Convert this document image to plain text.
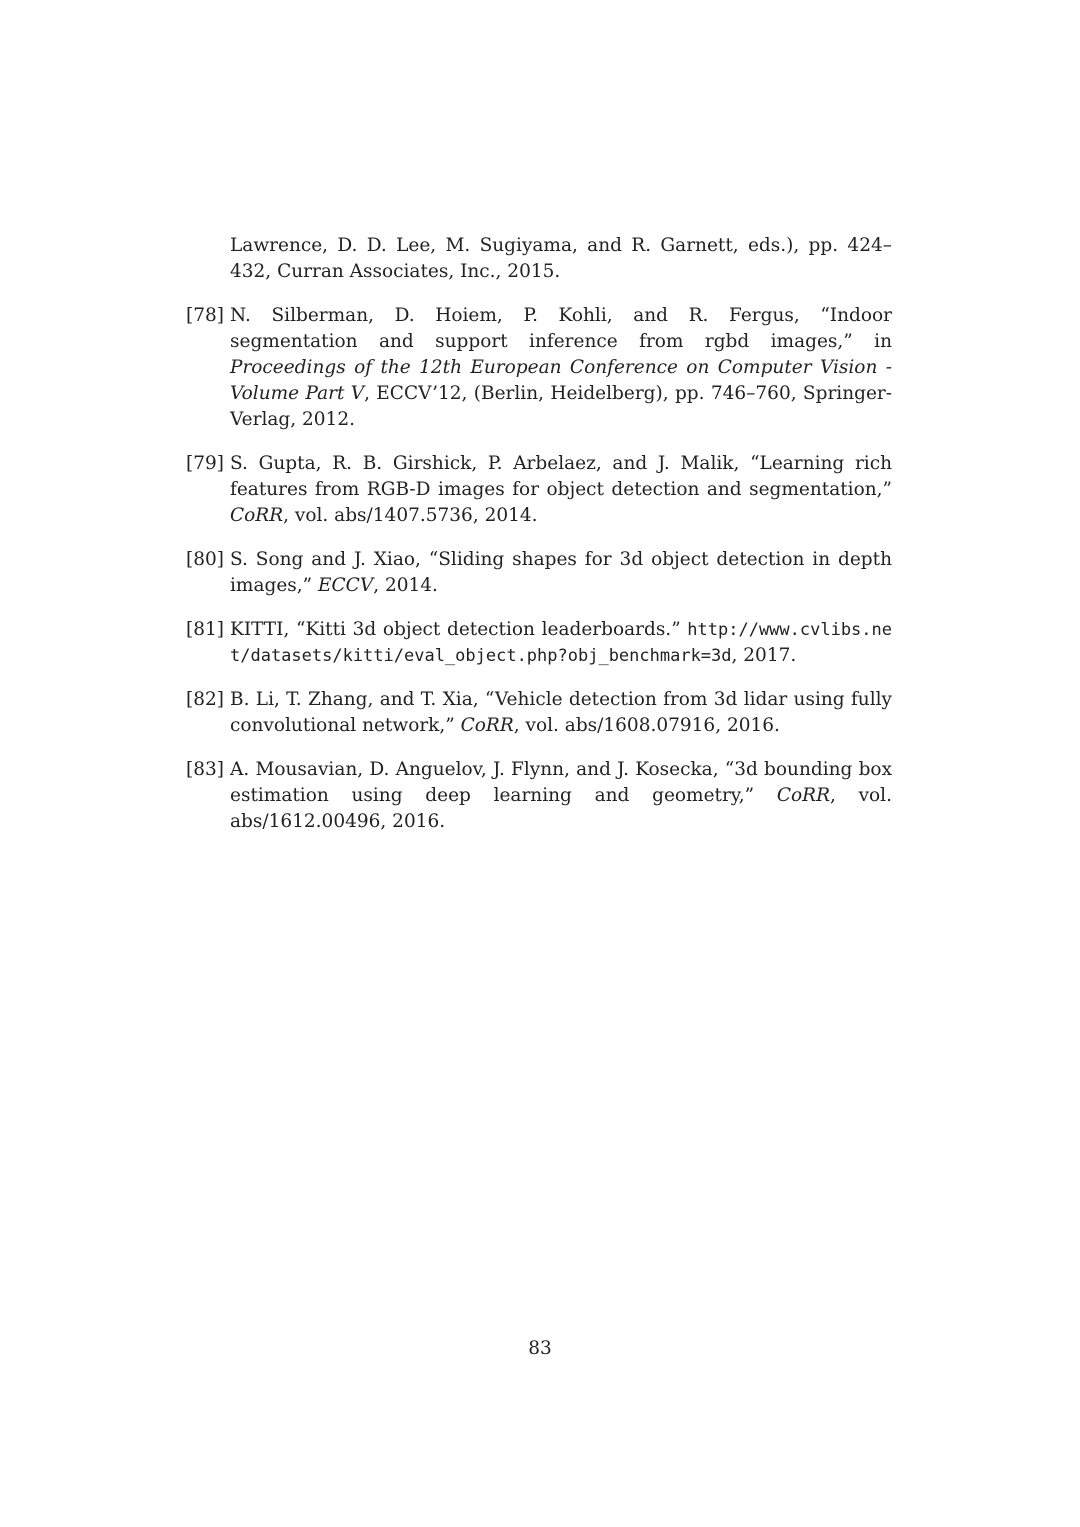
Lawrence, D. D. Lee, M. Sugiyama, and R. Garnett, eds.), pp. 424–432, Curran Associates, Inc., 2015.
[78] N. Silberman, D. Hoiem, P. Kohli, and R. Fergus, “Indoor segmentation and support inference from rgbd images,” in Proceedings of the 12th European Conference on Computer Vision - Volume Part V, ECCV’12, (Berlin, Heidelberg), pp. 746–760, Springer-Verlag, 2012.
[79] S. Gupta, R. B. Girshick, P. Arbelaez, and J. Malik, “Learning rich features from RGB-D images for object detection and segmentation,” CoRR, vol. abs/1407.5736, 2014.
[80] S. Song and J. Xiao, “Sliding shapes for 3d object detection in depth images,” ECCV, 2014.
[81] KITTI, “Kitti 3d object detection leaderboards.” http://www.cvlibs.net/datasets/kitti/eval_object.php?obj_benchmark=3d, 2017.
[82] B. Li, T. Zhang, and T. Xia, “Vehicle detection from 3d lidar using fully convolutional network,” CoRR, vol. abs/1608.07916, 2016.
[83] A. Mousavian, D. Anguelov, J. Flynn, and J. Kosecka, “3d bounding box estimation using deep learning and geometry,” CoRR, vol. abs/1612.00496, 2016.
83
